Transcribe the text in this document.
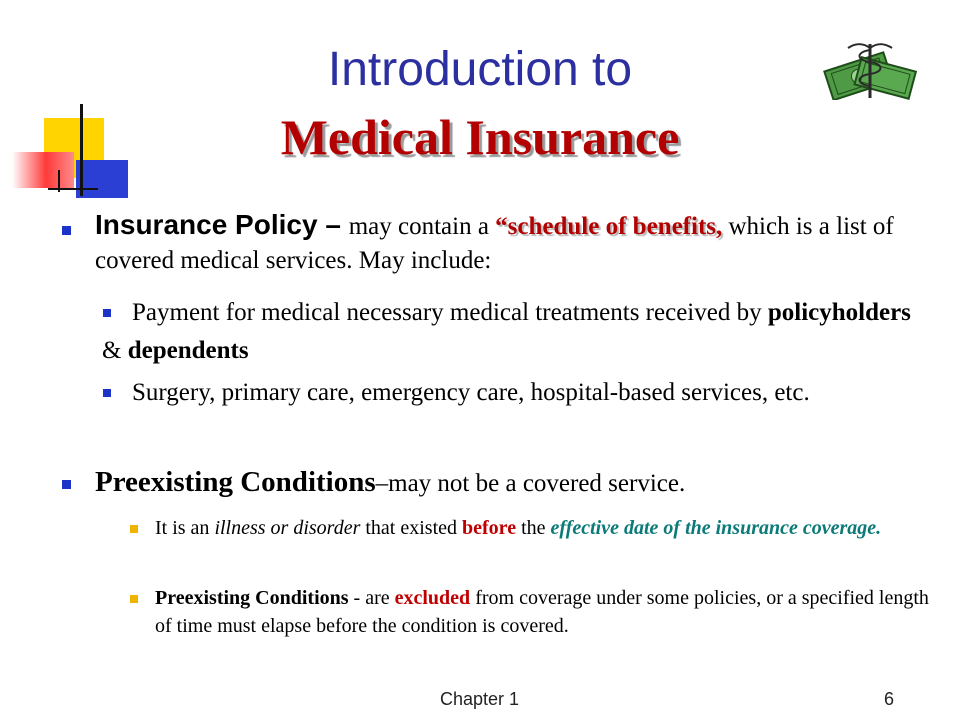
Introduction to
Medical Insurance
Insurance Policy – may contain a “schedule of benefits, which is a list of covered medical services. May include:
Payment for medical necessary medical treatments received by policyholders & dependents
Surgery, primary care, emergency care, hospital-based services, etc.
Preexisting Conditions–may not be a covered service.
It is an illness or disorder that existed before the effective date of the insurance coverage.
Preexisting Conditions - are excluded from coverage under some policies, or a specified length of time must elapse before the condition is covered.
Chapter 1	6
